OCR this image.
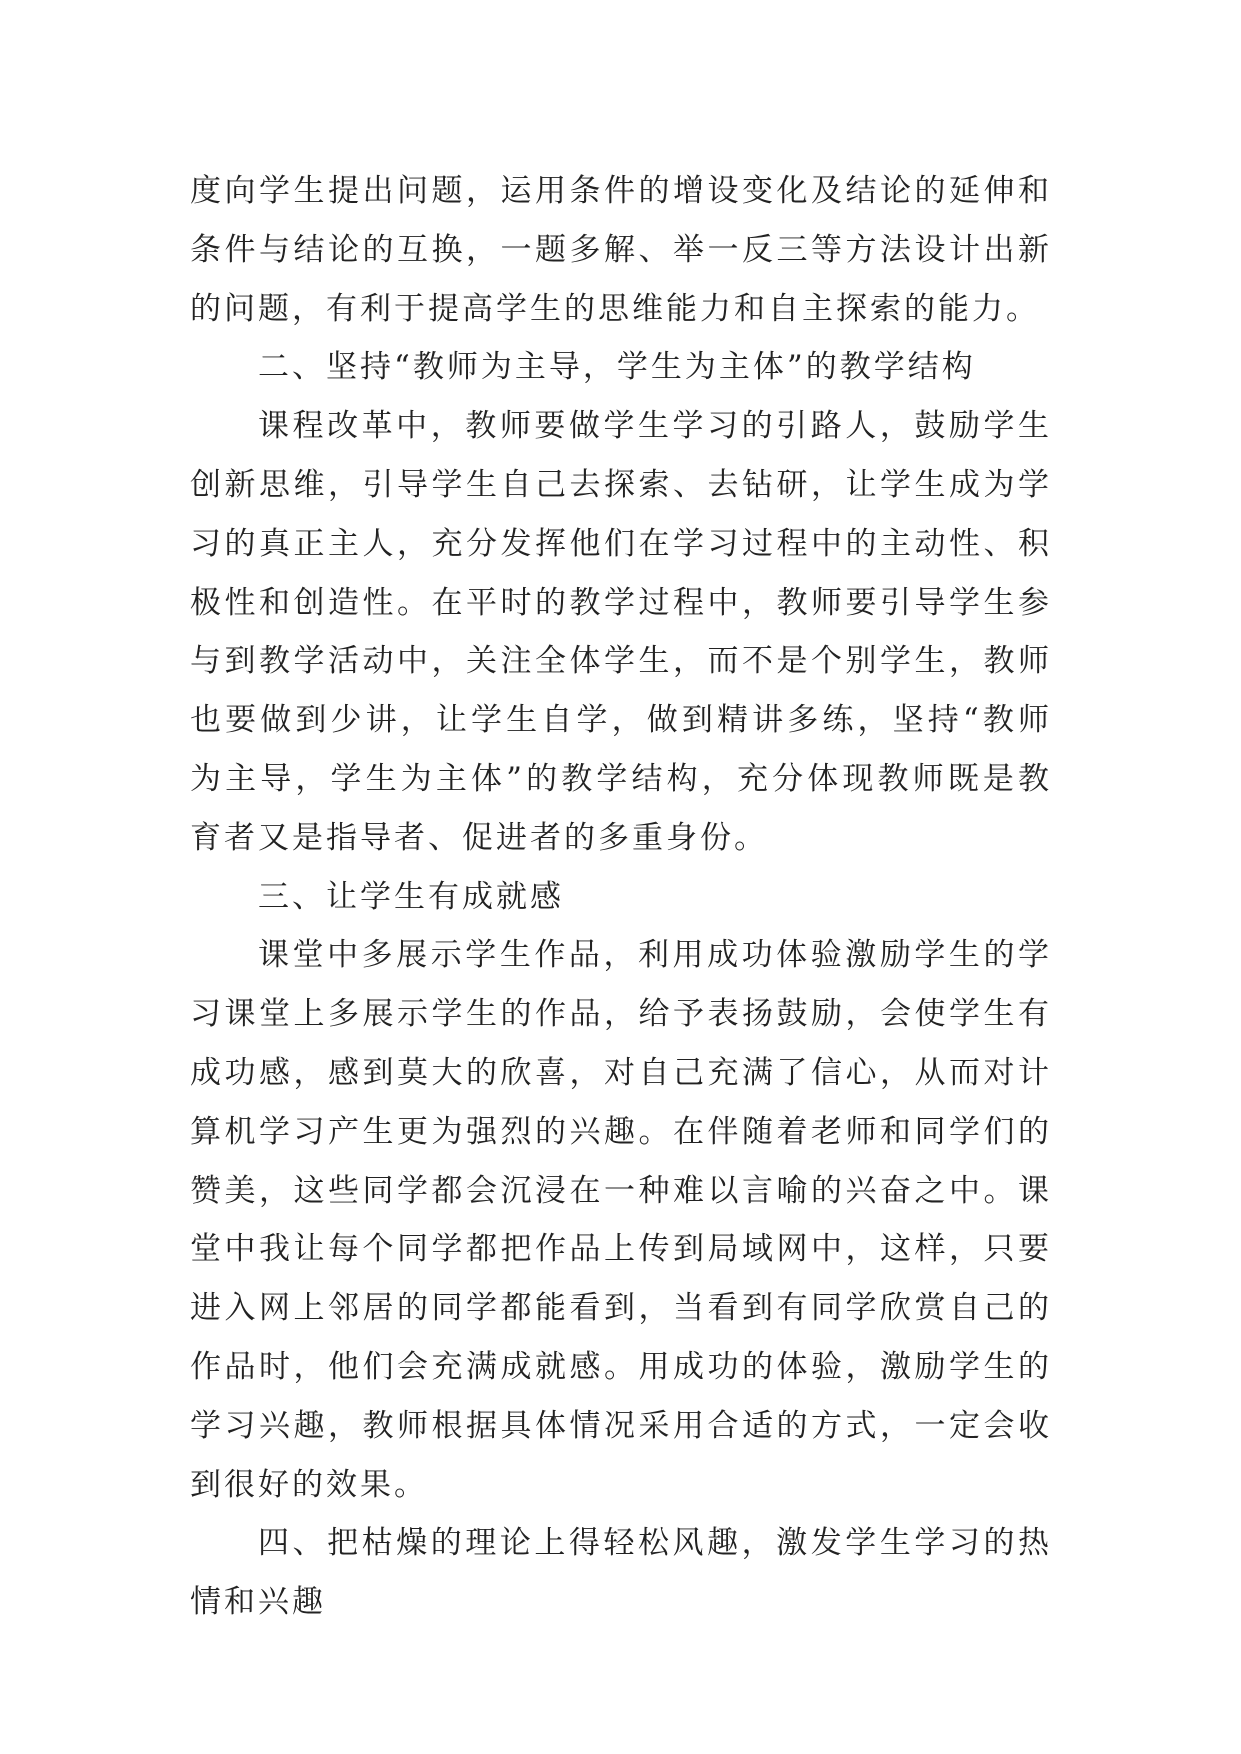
度向学生提出问题，运用条件的增设变化及结论的延伸和条件与结论的互换，一题多解、举一反三等方法设计出新的问题，有利于提高学生的思维能力和自主探索的能力。

二、坚持“教师为主导，学生为主体”的教学结构

课程改革中，教师要做学生学习的引路人，鼓励学生创新思维，引导学生自己去探索、去钻研，让学生成为学习的真正主人，充分发挥他们在学习过程中的主动性、积极性和创造性。在平时的教学过程中，教师要引导学生参与到教学活动中，关注全体学生，而不是个别学生，教师也要做到少讲，让学生自学，做到精讲多练，坚持“教师为主导，学生为主体”的教学结构，充分体现教师既是教育者又是指导者、促进者的多重身份。

三、让学生有成就感

课堂中多展示学生作品，利用成功体验激励学生的学习课堂上多展示学生的作品，给予表扬鼓励，会使学生有成功感，感到莫大的欣喜，对自己充满了信心，从而对计算机学习产生更为强烈的兴趣。在伴随着老师和同学们的赞美，这些同学都会沉浸在一种难以言喻的兴奋之中。课堂中我让每个同学都把作品上传到局域网中，这样，只要进入网上邻居的同学都能看到，当看到有同学欣赏自己的作品时，他们会充满成就感。用成功的体验，激励学生的学习兴趣，教师根据具体情况采用合适的方式，一定会收到很好的效果。

四、把枯燥的理论上得轻松风趣，激发学生学习的热情和兴趣
